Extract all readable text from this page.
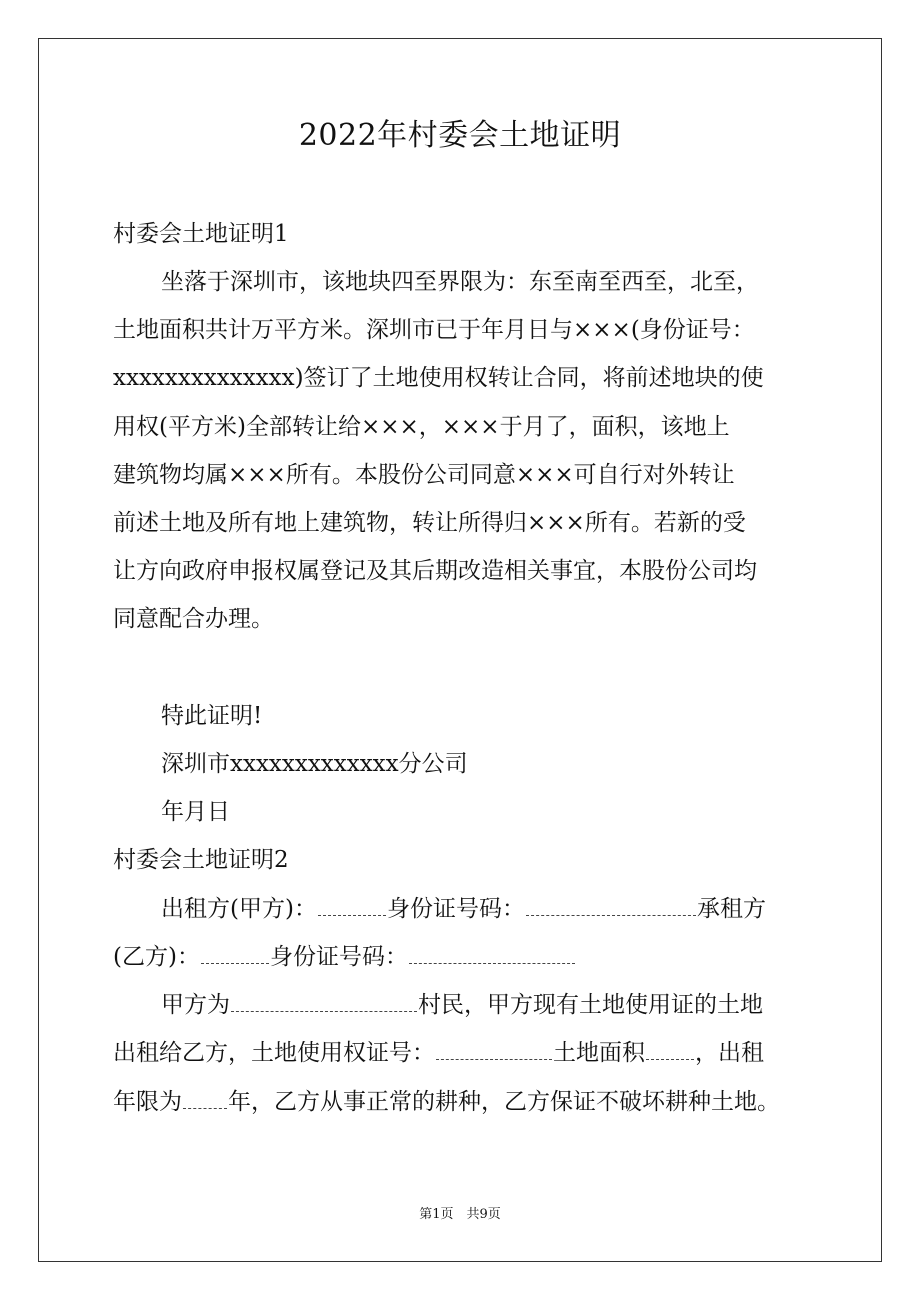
2022年村委会土地证明
村委会土地证明1
坐落于深圳市，该地块四至界限为：东至南至西至，北至，
土地面积共计万平方米。深圳市已于年月日与×××(身份证号：
xxxxxxxxxxxxxx)签订了土地使用权转让合同，将前述地块的使
用权(平方米)全部转让给×××，×××于月了，面积，该地上
建筑物均属×××所有。本股份公司同意×××可自行对外转让
前述土地及所有地上建筑物，转让所得归×××所有。若新的受
让方向政府申报权属登记及其后期改造相关事宜，本股份公司均
同意配合办理。
特此证明!
深圳市xxxxxxxxxxxxx分公司
年月日
村委会土地证明2
出租方(甲方)：	身份证号码：	承租方
(乙方)：	身份证号码：
甲方为	村民，甲方现有土地使用证的土地
出租给乙方，土地使用权证号：	土地面积 ，出租
年限为 年，乙方从事正常的耕种，乙方保证不破坏耕种土地。
第1页　共9页
